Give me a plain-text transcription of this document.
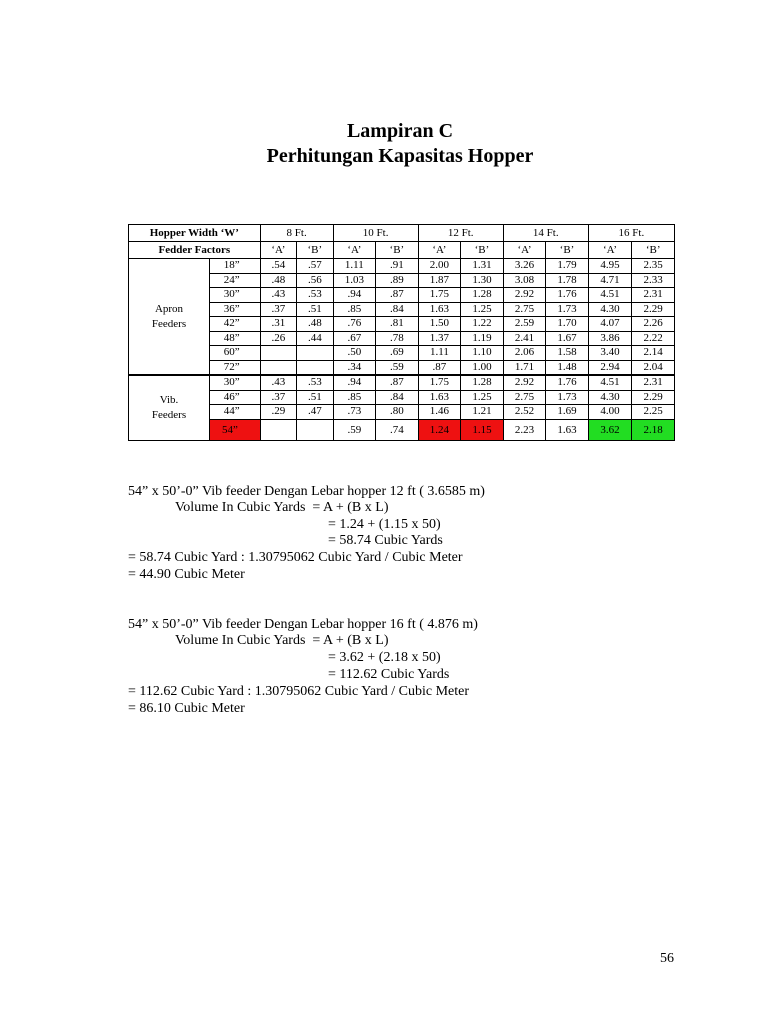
Lampiran C
Perhitungan Kapasitas Hopper
Hopper Width ‘W’		8 Ft.		10 Ft.		12 Ft.		14 Ft.		16 Ft.	
Fedder Factors		‘A’	‘B’	‘A’	‘B’	‘A’	‘B’	‘A’	‘B’	‘A’	‘B’
Apron
Feeders	18”	.54	.57	1.11	.91	2.00	1.31	3.26	1.79	4.95	2.35
	24”	.48	.56	1.03	.89	1.87	1.30	3.08	1.78	4.71	2.33
	30”	.43	.53	.94	.87	1.75	1.28	2.92	1.76	4.51	2.31
	36”	.37	.51	.85	.84	1.63	1.25	2.75	1.73	4.30	2.29
	42”	.31	.48	.76	.81	1.50	1.22	2.59	1.70	4.07	2.26
	48”	.26	.44	.67	.78	1.37	1.19	2.41	1.67	3.86	2.22
	60”			.50	.69	1.11	1.10	2.06	1.58	3.40	2.14
	72”			.34	.59	.87	1.00	1.71	1.48	2.94	2.04
Vib.
Feeders	30”	.43	.53	.94	.87	1.75	1.28	2.92	1.76	4.51	2.31
	46”	.37	.51	.85	.84	1.63	1.25	2.75	1.73	4.30	2.29
	44”	.29	.47	.73	.80	1.46	1.21	2.52	1.69	4.00	2.25
	54”			.59	.74	1.24	1.15	2.23	1.63	3.62	2.18
54” x 50’-0” Vib feeder Dengan Lebar hopper 12 ft ( 3.6585 m)
Volume In Cubic Yards  = A + (B x L)
= 1.24 + (1.15 x 50)
= 58.74 Cubic Yards
= 58.74 Cubic Yard : 1.30795062 Cubic Yard / Cubic Meter
= 44.90 Cubic Meter
54” x 50’-0” Vib feeder Dengan Lebar hopper 16 ft ( 4.876 m)
Volume In Cubic Yards  = A + (B x L)
= 3.62 + (2.18 x 50)
= 112.62 Cubic Yards
= 112.62 Cubic Yard : 1.30795062 Cubic Yard / Cubic Meter
= 86.10 Cubic Meter
56
